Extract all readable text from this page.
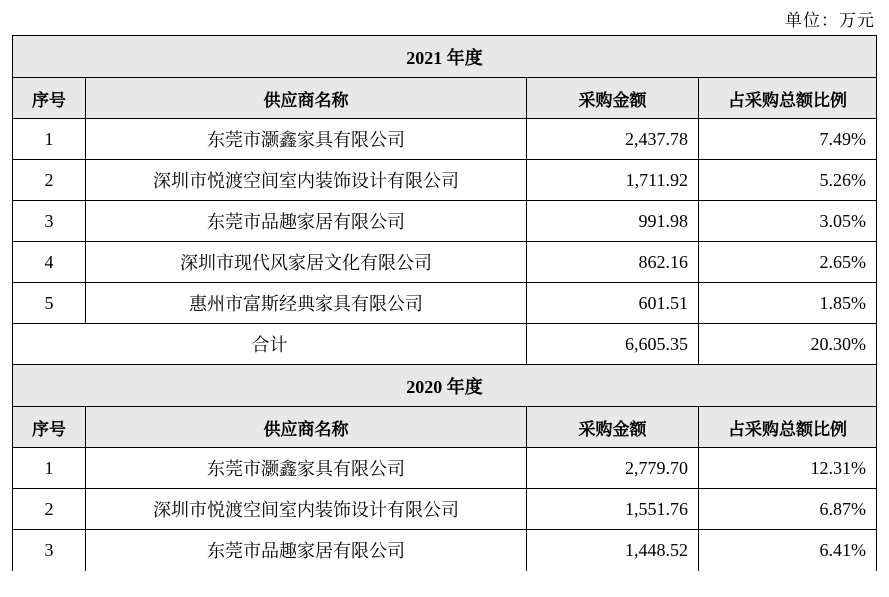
单位：万元
2021 年度			
序号	供应商名称	采购金额	占采购总额比例
1	东莞市灏鑫家具有限公司	2,437.78	7.49%
2	深圳市悦渡空间室内装饰设计有限公司	1,711.92	5.26%
3	东莞市品趣家居有限公司	991.98	3.05%
4	深圳市现代风家居文化有限公司	862.16	2.65%
5	惠州市富斯经典家具有限公司	601.51	1.85%
合计		6,605.35	20.30%
2020 年度			
序号	供应商名称	采购金额	占采购总额比例
1	东莞市灏鑫家具有限公司	2,779.70	12.31%
2	深圳市悦渡空间室内装饰设计有限公司	1,551.76	6.87%
3	东莞市品趣家居有限公司	1,448.52	6.41%
